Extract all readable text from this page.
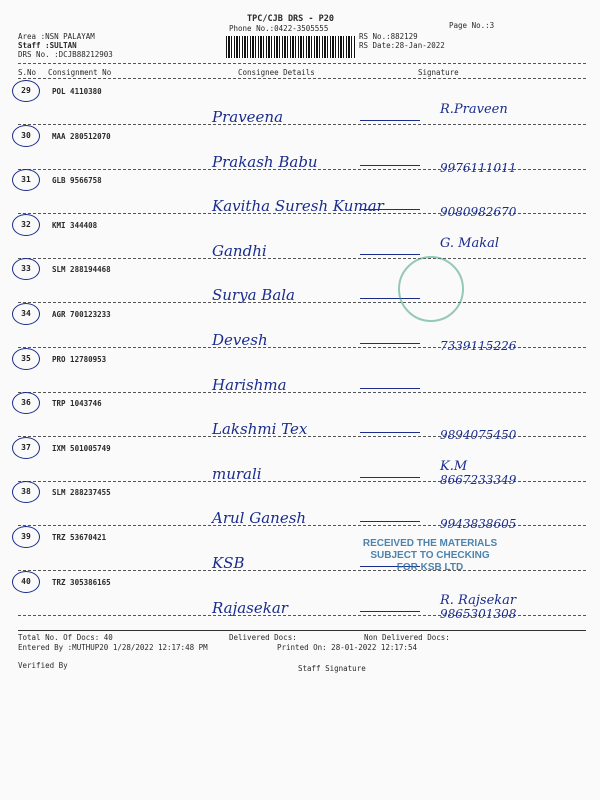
TPC/CJB DRS - P20
Phone No.:0422-3505555	Page No.:3
Area :NSN PALAYAM
Staff :SULTAN
DRS No. :DCJB88212903
RS No.:882129
RS Date:28-Jan-2022
S.No Consignment No	Consignee Details	Signature
29	POL 4110380
Praveena	R.Praveen
30	MAA 280512070
Prakash Babu	9976111011
31	GLB 9566758
Kavitha Suresh Kumar	9080982670
32	KMI 344408
Gandhi	G. Makal
33	SLM 288194468
Surya Bala
34	AGR 700123233
Devesh	7339115226
35	PRO 12780953
Harishma
36	TRP 1043746
Lakshmi Tex	9894075450
37	IXM 501005749
murali	K.M
8667233349
38	SLM 288237455
Arul Ganesh	9943838605
39	TRZ 53670421
KSB
40	TRZ 305386165
Rajasekar	R. Rajsekar
9865301308
RECEIVED THE MATERIALS
SUBJECT TO CHECKING
FOR KSB LTD
Total No. Of Docs: 40	Delivered Docs:	Non Delivered Docs:
Entered By :MUTHUP20 1/28/2022 12:17:48 PM	Printed On: 28-01-2022 12:17:54
Verified By	Staff Signature
